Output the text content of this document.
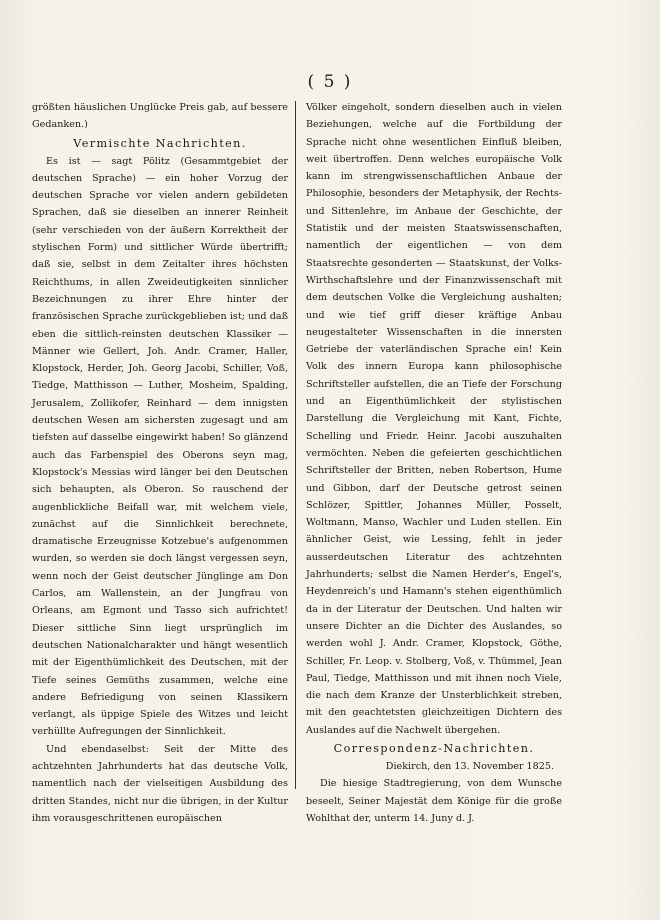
( 5 )

größten häuslichen Unglücke Preis gab, auf bessere Gedanken.)

Vermischte Nachrichten.

Es ist — sagt Pölitz (Gesammtgebiet der deutschen Sprache) — ein hoher Vorzug der deutschen Sprache vor vielen andern gebildeten Sprachen, daß sie dieselben an innerer Reinheit (sehr verschieden von der äußern Korrektheit der stylischen Form) und sittlicher Würde übertrifft; daß sie, selbst in dem Zeitalter ihres höchsten Reichthums, in allen Zweideutigkeiten sinnlicher Bezeichnungen zu ihrer Ehre hinter der französischen Sprache zurückgeblieben ist; und daß eben die sittlich-reinsten deutschen Klassiker — Männer wie Gellert, Joh. Andr. Cramer, Haller, Klopstock, Herder, Joh. Georg Jacobi, Schiller, Voß, Tiedge, Matthisson — Luther, Mosheim, Spalding, Jerusalem, Zollikofer, Reinhard — dem innigsten deutschen Wesen am sichersten zugesagt und am tiefsten auf dasselbe eingewirkt haben! So glänzend auch das Farbenspiel des Oberons seyn mag, Klopstock's Messias wird länger bei den Deutschen sich behaupten, als Oberon. So rauschend der augenblickliche Beifall war, mit welchem viele, zunächst auf die Sinnlichkeit berechnete, dramatische Erzeugnisse Kotzebue's aufgenommen wurden, so werden sie doch längst vergessen seyn, wenn noch der Geist deutscher Jünglinge am Don Carlos, am Wallenstein, an der Jungfrau von Orleans, am Egmont und Tasso sich aufrichtet! Dieser sittliche Sinn liegt ursprünglich im deutschen Nationalcharakter und hängt wesentlich mit der Eigenthümlichkeit des Deutschen, mit der Tiefe seines Gemüths zusammen, welche eine andere Befriedigung von seinen Klassikern verlangt, als üppige Spiele des Witzes und leicht verhüllte Aufregungen der Sinnlichkeit.

Und ebendaselbst: Seit der Mitte des achtzehnten Jahrhunderts hat das deutsche Volk, namentlich nach der vielseitigen Ausbildung des dritten Standes, nicht nur die übrigen, in der Kultur ihm vorausgeschrittenen europäischen

Völker eingeholt, sondern dieselben auch in vielen Beziehungen, welche auf die Fortbildung der Sprache nicht ohne wesentlichen Einfluß bleiben, weit übertroffen. Denn welches europäische Volk kann im strengwissenschaftlichen Anbaue der Philosophie, besonders der Metaphysik, der Rechts- und Sittenlehre, im Anbaue der Geschichte, der Statistik und der meisten Staatswissenschaften, namentlich der eigentlichen — von dem Staatsrechte gesonderten — Staatskunst, der Volks-Wirthschaftslehre und der Finanzwissenschaft mit dem deutschen Volke die Vergleichung aushalten; und wie tief griff dieser kräftige Anbau neugestalteter Wissenschaften in die innersten Getriebe der vaterländischen Sprache ein! Kein Volk des innern Europa kann philosophische Schriftsteller aufstellen, die an Tiefe der Forschung und an Eigenthümlichkeit der stylistischen Darstellung die Vergleichung mit Kant, Fichte, Schelling und Friedr. Heinr. Jacobi auszuhalten vermöchten. Neben die gefeierten geschichtlichen Schriftsteller der Britten, neben Robertson, Hume und Gibbon, darf der Deutsche getrost seinen Schlözer, Spittler, Johannes Müller, Posselt, Woltmann, Manso, Wachler und Luden stellen. Ein ähnlicher Geist, wie Lessing, fehlt in jeder ausserdeutschen Literatur des achtzehnten Jahrhunderts; selbst die Namen Herder's, Engel's, Heydenreich's und Hamann's stehen eigenthümlich da in der Literatur der Deutschen. Und halten wir unsere Dichter an die Dichter des Auslandes, so werden wohl J. Andr. Cramer, Klopstock, Göthe, Schiller, Fr. Leop. v. Stolberg, Voß, v. Thümmel, Jean Paul, Tiedge, Matthisson und mit ihnen noch Viele, die nach dem Kranze der Unsterblichkeit streben, mit den geachtetsten gleichzeitigen Dichtern des Auslandes auf die Nachwelt übergehen.

Correspondenz-Nachrichten.

Diekirch, den 13. November 1825.

Die hiesige Stadtregierung, von dem Wunsche beseelt, Seiner Majestät dem Könige für die große Wohlthat der, unterm 14. Juny d. J.
